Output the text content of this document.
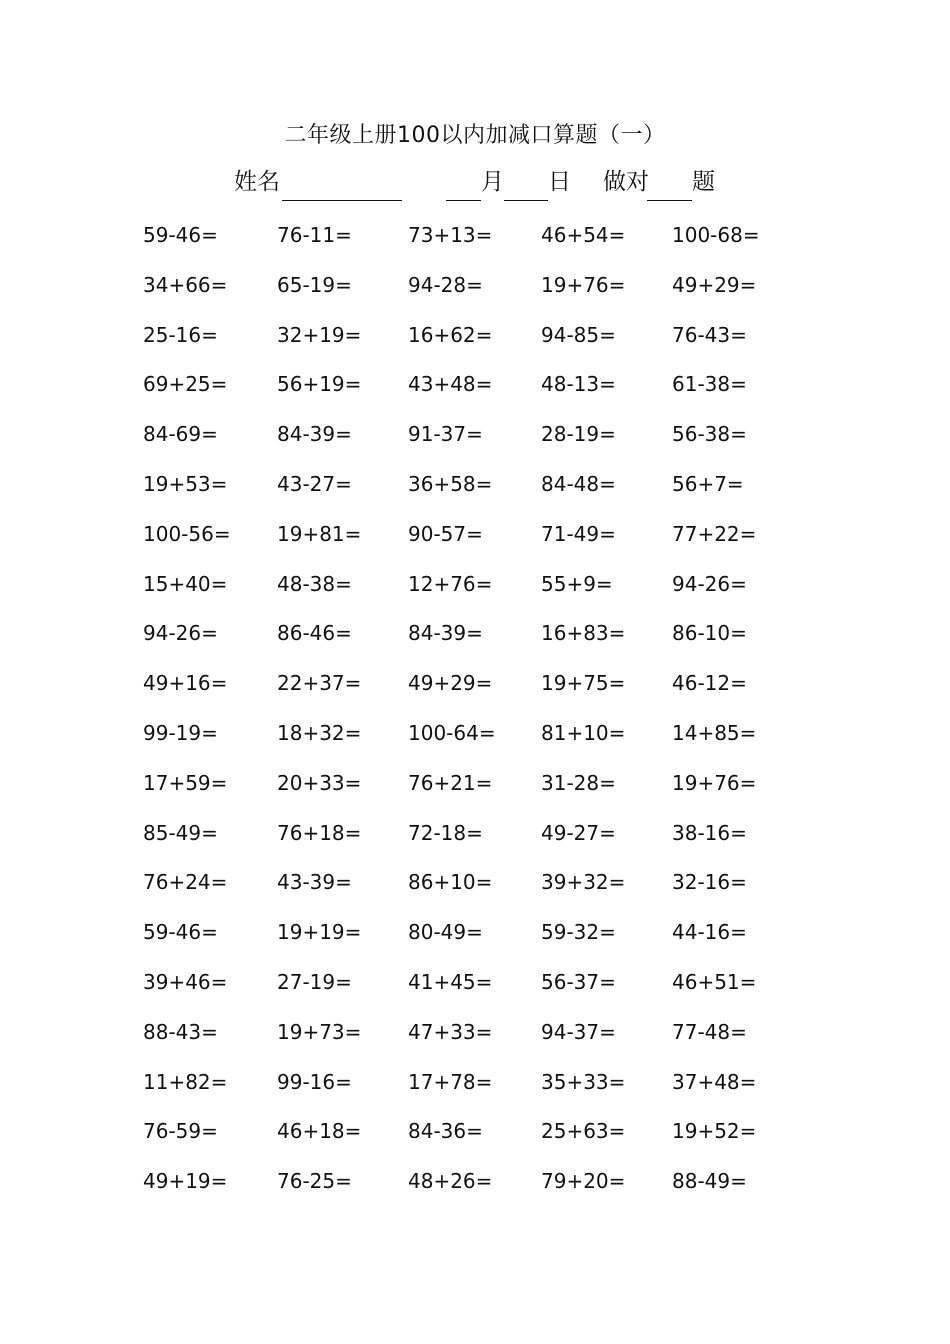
二年级上册100以内加减口算题（一）
姓名	月 日 做对 题
59-46=	76-11=	73+13= 46+54= 100-68=
34+66= 65-19=	94-28=	19+76= 49+29=
25-16=	32+19= 16+62= 94-85=	76-43=
69+25= 56+19= 43+48= 48-13=	61-38=
84-69=	84-39=	91-37=	28-19=	56-38=
19+53= 43-27=	36+58= 84-48=	56+7=
100-56= 19+81= 90-57=	71-49=	77+22=
15+40= 48-38=	12+76= 55+9=	94-26=
94-26=	86-46=	84-39=	16+83= 86-10=
49+16= 22+37= 49+29= 19+75= 46-12=
99-19=	18+32= 100-64= 81+10= 14+85=
17+59= 20+33= 76+21= 31-28=	19+76=
85-49=	76+18= 72-18=	49-27=	38-16=
76+24= 43-39=	86+10= 39+32= 32-16=
59-46=	19+19= 80-49=	59-32=	44-16=
39+46= 27-19=	41+45= 56-37=	46+51=
88-43=	19+73= 47+33= 94-37=	77-48=
11+82= 99-16=	17+78= 35+33= 37+48=
76-59=	46+18= 84-36=	25+63= 19+52=
49+19= 76-25=	48+26= 79+20= 88-49=
